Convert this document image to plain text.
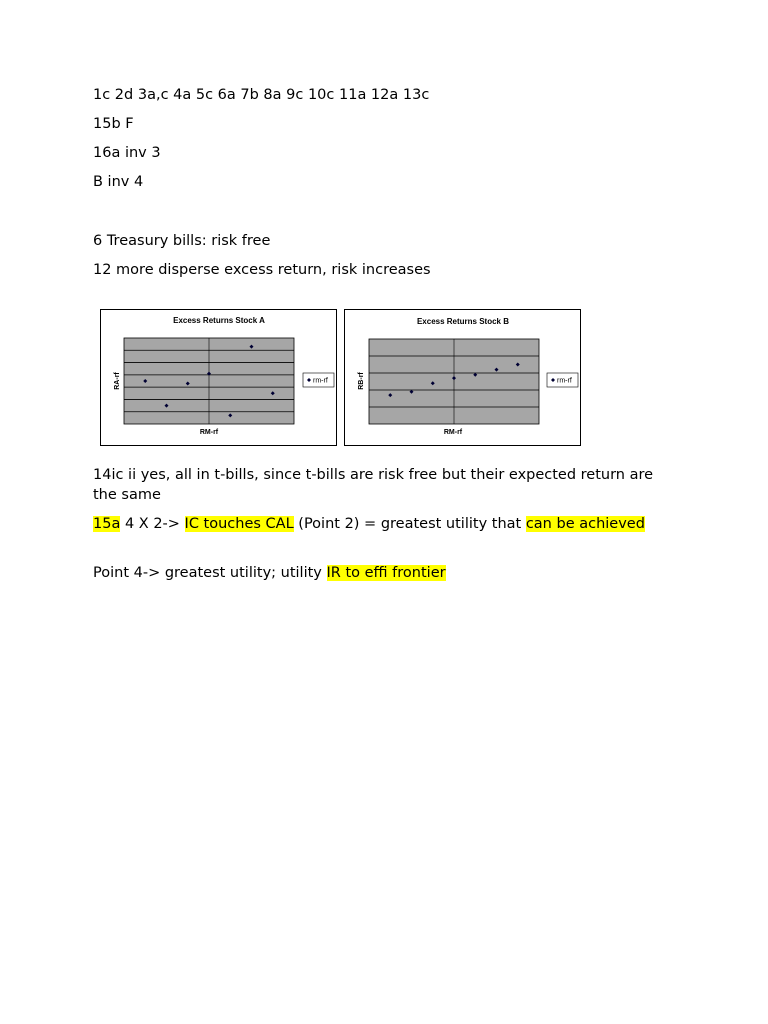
1c 2d 3a,c 4a 5c 6a 7b 8a 9c 10c 11a 12a 13c
15b F
16a inv 3
B inv 4
6 Treasury bills: risk free
12 more disperse excess return, risk increases
Excess Returns Stock A
RA-rf
RM-rf
rm-rf
Excess Returns Stock B
RB-rf
RM-rf
rm-rf
14ic ii yes, all in t-bills, since t-bills are risk free but their expected return are the same
15a 4 X 2-> IC touches CAL (Point 2) = greatest utility that can be achieved
Point 4-> greatest utility; utility IR to effi frontier
